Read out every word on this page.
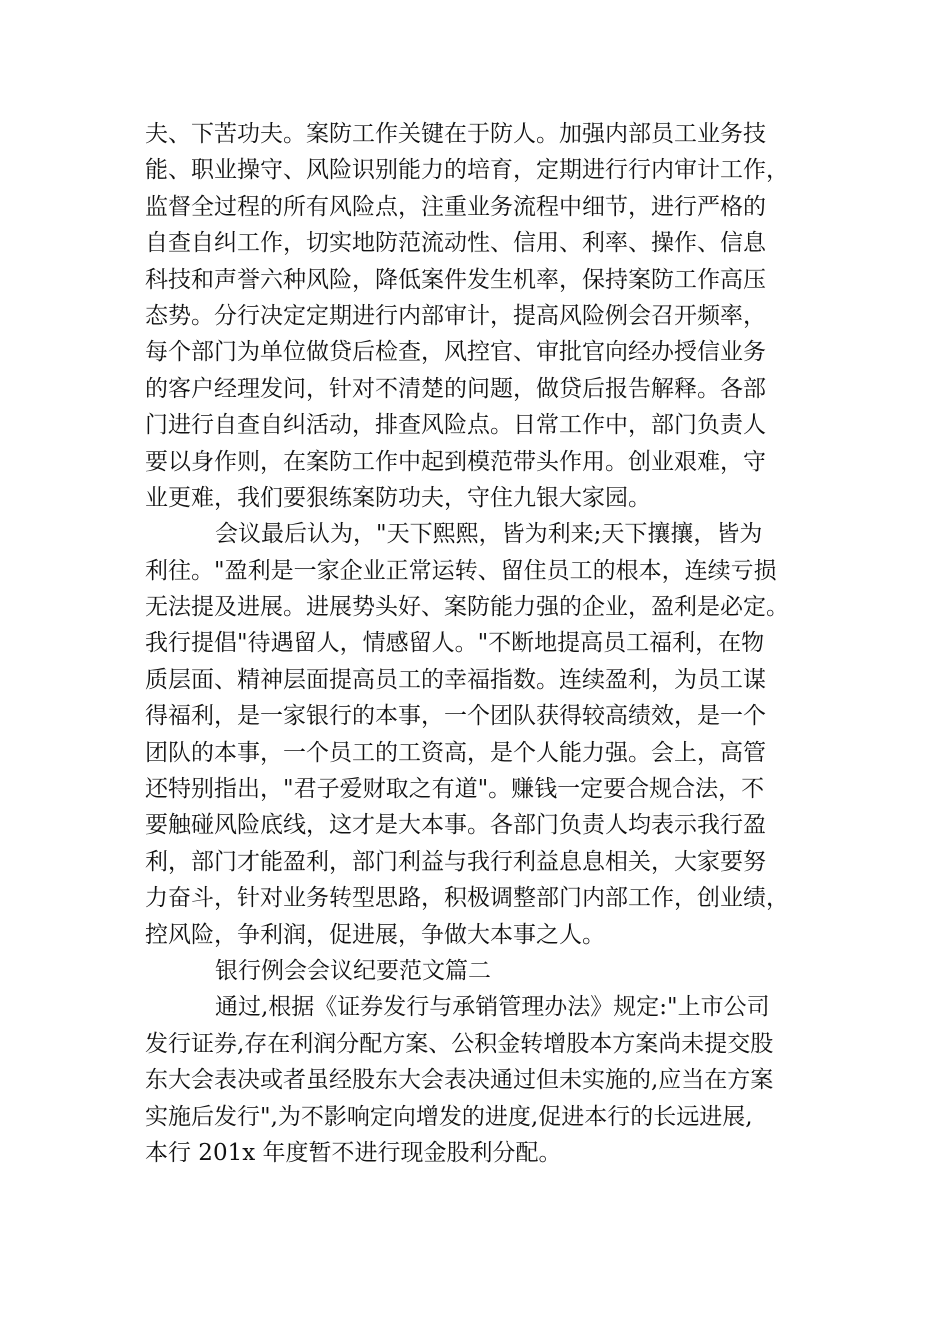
夫、下苦功夫。案防工作关键在于防人。加强内部员工业务技
能、职业操守、风险识别能力的培育，定期进行行内审计工作，
监督全过程的所有风险点，注重业务流程中细节，进行严格的
自查自纠工作，切实地防范流动性、信用、利率、操作、信息
科技和声誉六种风险，降低案件发生机率，保持案防工作高压
态势。分行决定定期进行内部审计，提高风险例会召开频率，
每个部门为单位做贷后检查，风控官、审批官向经办授信业务
的客户经理发问，针对不清楚的问题，做贷后报告解释。各部
门进行自查自纠活动，排查风险点。日常工作中，部门负责人
要以身作则，在案防工作中起到模范带头作用。创业艰难，守
业更难，我们要狠练案防功夫，守住九银大家园。
会议最后认为，"天下熙熙，皆为利来;天下攘攘，皆为
利往。"盈利是一家企业正常运转、留住员工的根本，连续亏损
无法提及进展。进展势头好、案防能力强的企业，盈利是必定。
我行提倡"待遇留人，情感留人。"不断地提高员工福利，在物
质层面、精神层面提高员工的幸福指数。连续盈利，为员工谋
得福利，是一家银行的本事，一个团队获得较高绩效，是一个
团队的本事，一个员工的工资高，是个人能力强。会上，高管
还特别指出，"君子爱财取之有道"。赚钱一定要合规合法，不
要触碰风险底线，这才是大本事。各部门负责人均表示我行盈
利，部门才能盈利，部门利益与我行利益息息相关，大家要努
力奋斗，针对业务转型思路，积极调整部门内部工作，创业绩，
控风险，争利润，促进展，争做大本事之人。
银行例会会议纪要范文篇二
通过,根据《证券发行与承销管理办法》规定:"上市公司
发行证券,存在利润分配方案、公积金转增股本方案尚未提交股
东大会表决或者虽经股东大会表决通过但未实施的,应当在方案
实施后发行",为不影响定向增发的进度,促进本行的长远进展,
本行 201x 年度暂不进行现金股利分配。
